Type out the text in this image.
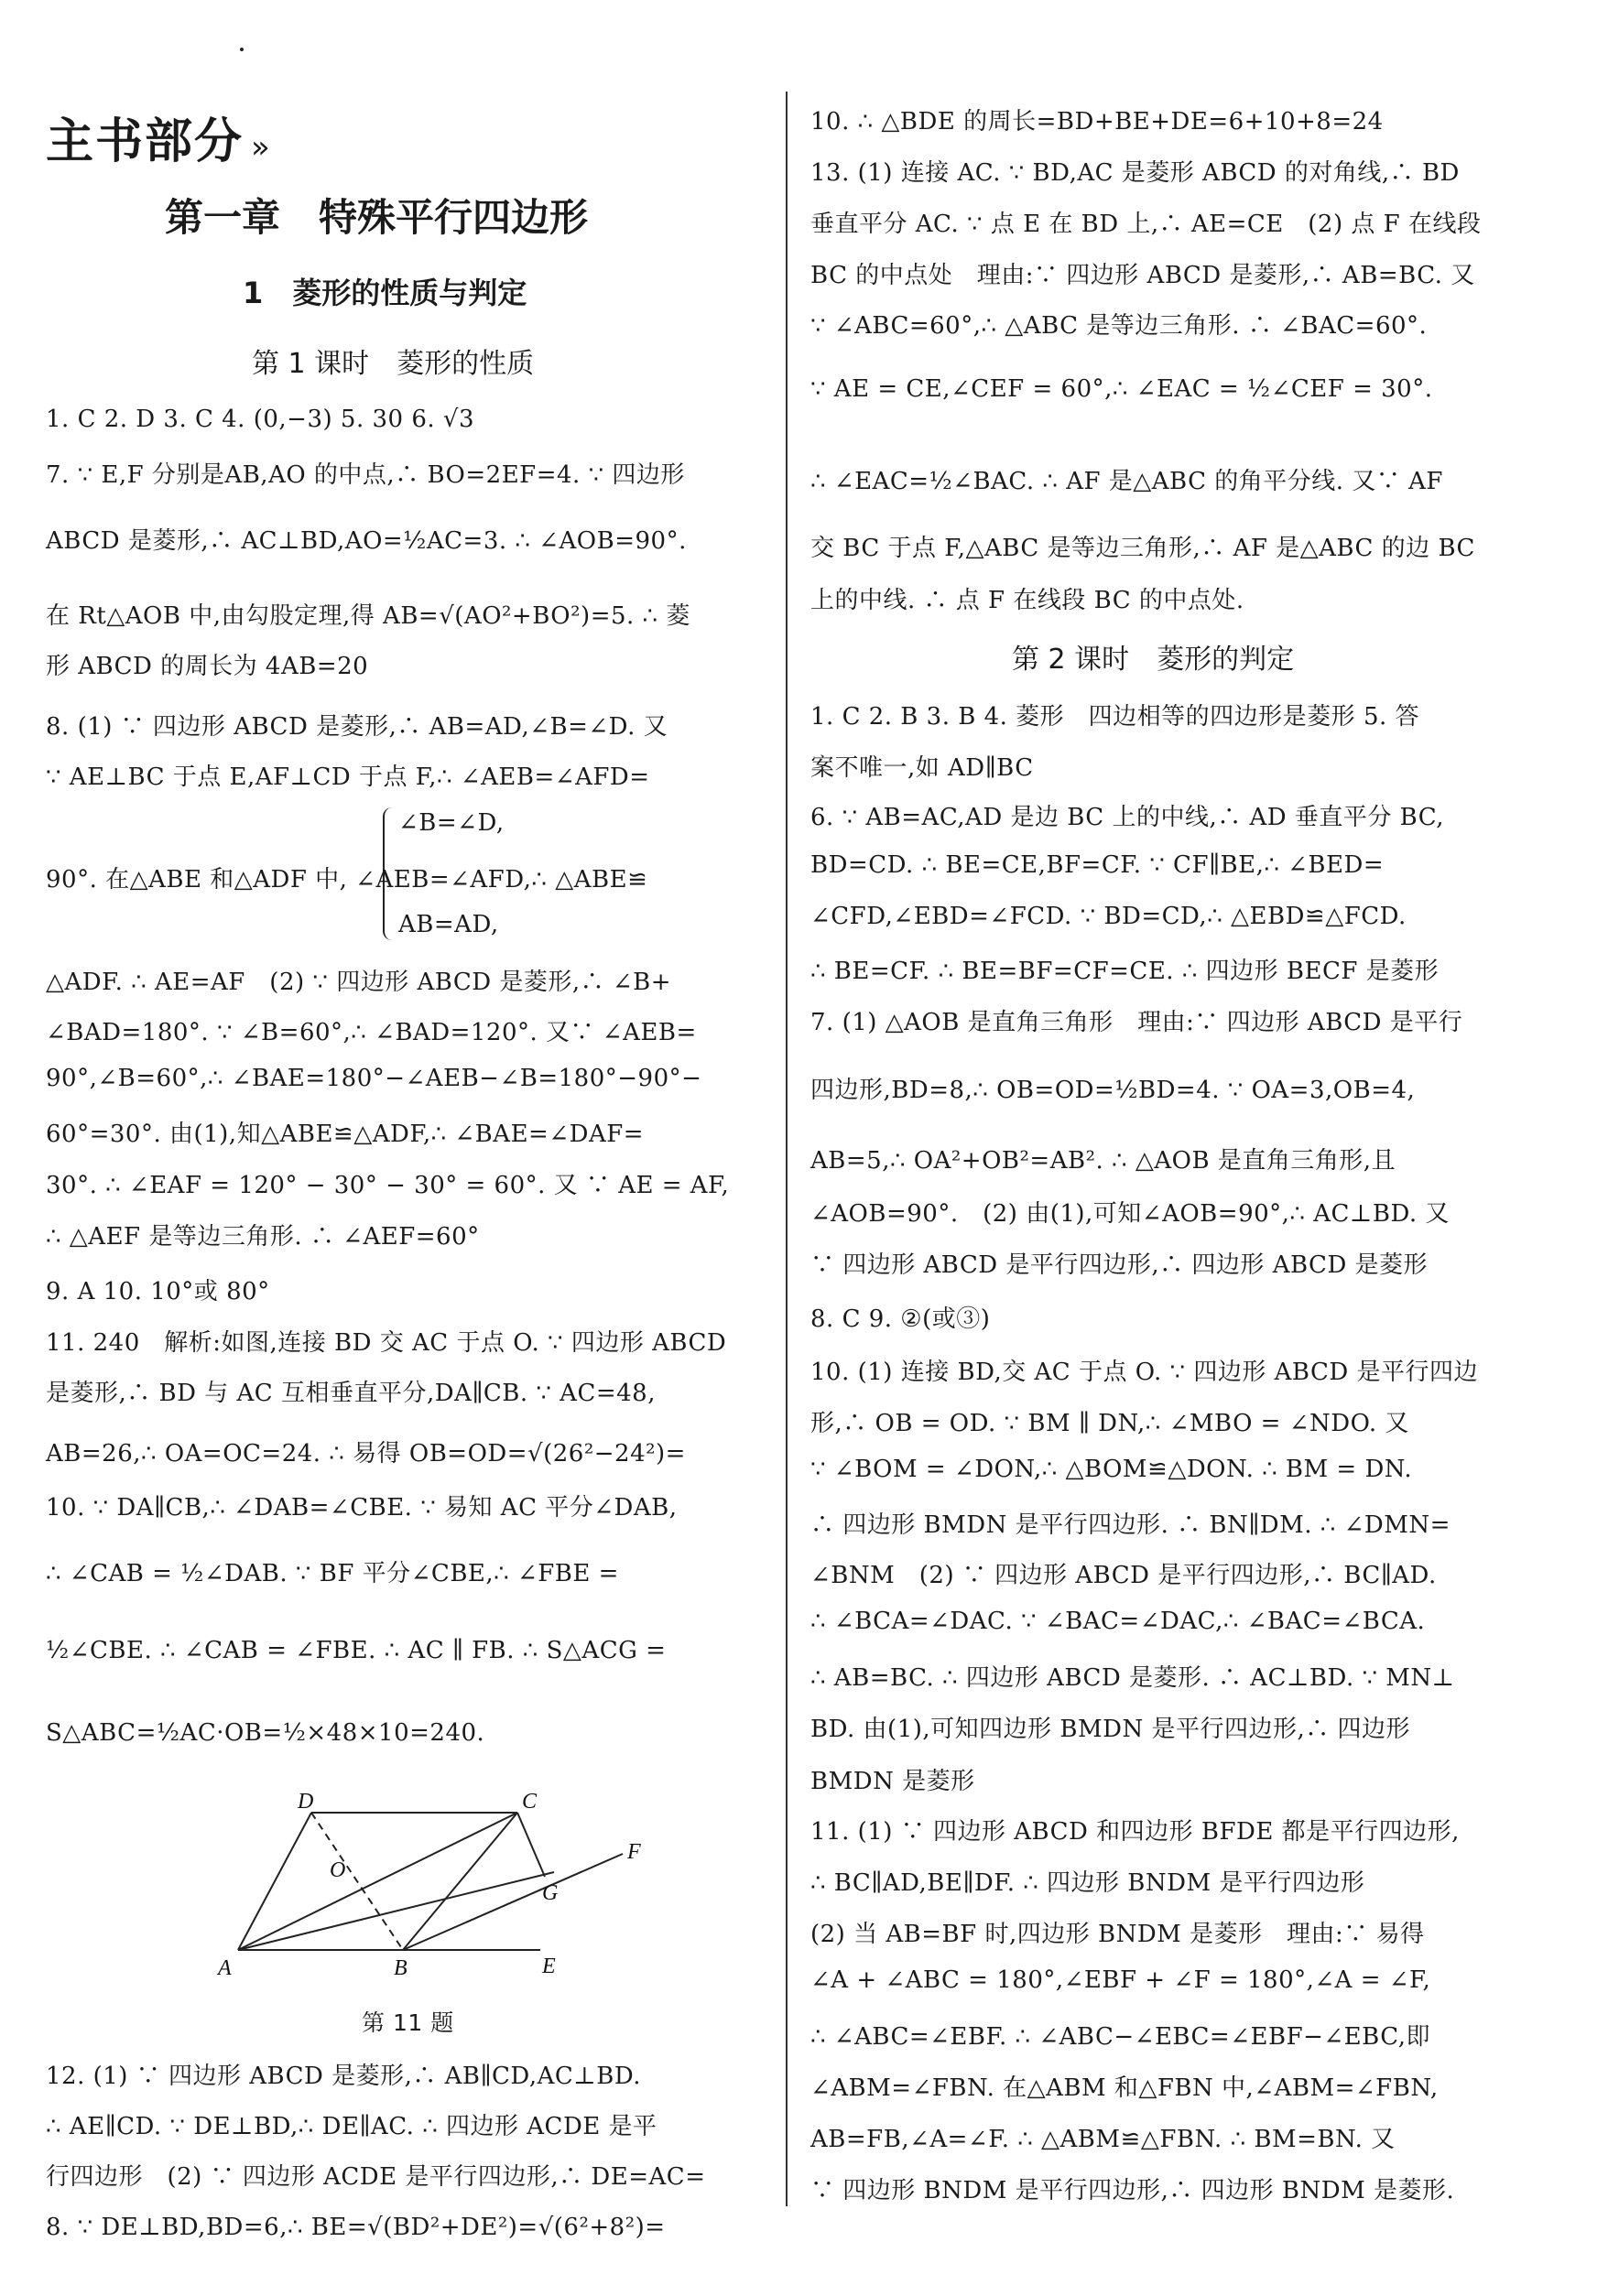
主书部分 »
第一章　特殊平行四边形
1　菱形的性质与判定
第 1 课时　菱形的性质
1. C 2. D 3. C 4. (0,−3) 5. 30 6. √3
7. ∵ E,F 分别是AB,AO 的中点,∴ BO=2EF=4. ∵ 四边形
ABCD 是菱形,∴ AC⊥BD,AO=½AC=3. ∴ ∠AOB=90°.
在 Rt△AOB 中,由勾股定理,得 AB=√(AO²+BO²)=5. ∴ 菱
形 ABCD 的周长为 4AB=20
8. (1) ∵ 四边形 ABCD 是菱形,∴ AB=AD,∠B=∠D. 又
∵ AE⊥BC 于点 E,AF⊥CD 于点 F,∴ ∠AEB=∠AFD=
∠B=∠D,
90°. 在△ABE 和△ADF 中, ∠AEB=∠AFD,∴ △ABE≌
AB=AD,
△ADF. ∴ AE=AF　(2) ∵ 四边形 ABCD 是菱形,∴ ∠B+
∠BAD=180°. ∵ ∠B=60°,∴ ∠BAD=120°. 又∵ ∠AEB=
90°,∠B=60°,∴ ∠BAE=180°−∠AEB−∠B=180°−90°−
60°=30°. 由(1),知△ABE≌△ADF,∴ ∠BAE=∠DAF=
30°. ∴ ∠EAF = 120° − 30° − 30° = 60°. 又 ∵ AE = AF,
∴ △AEF 是等边三角形. ∴ ∠AEF=60°
9. A 10. 10°或 80°
11. 240　解析:如图,连接 BD 交 AC 于点 O. ∵ 四边形 ABCD
是菱形,∴ BD 与 AC 互相垂直平分,DA∥CB. ∵ AC=48,
AB=26,∴ OA=OC=24. ∴ 易得 OB=OD=√(26²−24²)=
10. ∵ DA∥CB,∴ ∠DAB=∠CBE. ∵ 易知 AC 平分∠DAB,
∴ ∠CAB = ½∠DAB. ∵ BF 平分∠CBE,∴ ∠FBE =
½∠CBE. ∴ ∠CAB = ∠FBE. ∴ AC ∥ FB. ∴ S△ACG =
S△ABC=½AC·OB=½×48×10=240.
A	B
C
D
E
F
G
O
第 11 题
12. (1) ∵ 四边形 ABCD 是菱形,∴ AB∥CD,AC⊥BD.
∴ AE∥CD. ∵ DE⊥BD,∴ DE∥AC. ∴ 四边形 ACDE 是平
行四边形　(2) ∵ 四边形 ACDE 是平行四边形,∴ DE=AC=
8. ∵ DE⊥BD,BD=6,∴ BE=√(BD²+DE²)=√(6²+8²)=
10. ∴ △BDE 的周长=BD+BE+DE=6+10+8=24
13. (1) 连接 AC. ∵ BD,AC 是菱形 ABCD 的对角线,∴ BD
垂直平分 AC. ∵ 点 E 在 BD 上,∴ AE=CE　(2) 点 F 在线段
BC 的中点处　理由:∵ 四边形 ABCD 是菱形,∴ AB=BC. 又
∵ ∠ABC=60°,∴ △ABC 是等边三角形. ∴ ∠BAC=60°.
∵ AE = CE,∠CEF = 60°,∴ ∠EAC = ½∠CEF = 30°.
∴ ∠EAC=½∠BAC. ∴ AF 是△ABC 的角平分线. 又∵ AF
交 BC 于点 F,△ABC 是等边三角形,∴ AF 是△ABC 的边 BC
上的中线. ∴ 点 F 在线段 BC 的中点处.
第 2 课时　菱形的判定
1. C 2. B 3. B 4. 菱形　四边相等的四边形是菱形 5. 答
案不唯一,如 AD∥BC
6. ∵ AB=AC,AD 是边 BC 上的中线,∴ AD 垂直平分 BC,
BD=CD. ∴ BE=CE,BF=CF. ∵ CF∥BE,∴ ∠BED=
∠CFD,∠EBD=∠FCD. ∵ BD=CD,∴ △EBD≌△FCD.
∴ BE=CF. ∴ BE=BF=CF=CE. ∴ 四边形 BECF 是菱形
7. (1) △AOB 是直角三角形　理由:∵ 四边形 ABCD 是平行
四边形,BD=8,∴ OB=OD=½BD=4. ∵ OA=3,OB=4,
AB=5,∴ OA²+OB²=AB². ∴ △AOB 是直角三角形,且
∠AOB=90°.　(2) 由(1),可知∠AOB=90°,∴ AC⊥BD. 又
∵ 四边形 ABCD 是平行四边形,∴ 四边形 ABCD 是菱形
8. C 9. ②(或③)
10. (1) 连接 BD,交 AC 于点 O. ∵ 四边形 ABCD 是平行四边
形,∴ OB = OD. ∵ BM ∥ DN,∴ ∠MBO = ∠NDO. 又
∵ ∠BOM = ∠DON,∴ △BOM≌△DON. ∴ BM = DN.
∴ 四边形 BMDN 是平行四边形. ∴ BN∥DM. ∴ ∠DMN=
∠BNM　(2) ∵ 四边形 ABCD 是平行四边形,∴ BC∥AD.
∴ ∠BCA=∠DAC. ∵ ∠BAC=∠DAC,∴ ∠BAC=∠BCA.
∴ AB=BC. ∴ 四边形 ABCD 是菱形. ∴ AC⊥BD. ∵ MN⊥
BD. 由(1),可知四边形 BMDN 是平行四边形,∴ 四边形
BMDN 是菱形
11. (1) ∵ 四边形 ABCD 和四边形 BFDE 都是平行四边形,
∴ BC∥AD,BE∥DF. ∴ 四边形 BNDM 是平行四边形
(2) 当 AB=BF 时,四边形 BNDM 是菱形　理由:∵ 易得
∠A + ∠ABC = 180°,∠EBF + ∠F = 180°,∠A = ∠F,
∴ ∠ABC=∠EBF. ∴ ∠ABC−∠EBC=∠EBF−∠EBC,即
∠ABM=∠FBN. 在△ABM 和△FBN 中,∠ABM=∠FBN,
AB=FB,∠A=∠F. ∴ △ABM≌△FBN. ∴ BM=BN. 又
∵ 四边形 BNDM 是平行四边形,∴ 四边形 BNDM 是菱形.
